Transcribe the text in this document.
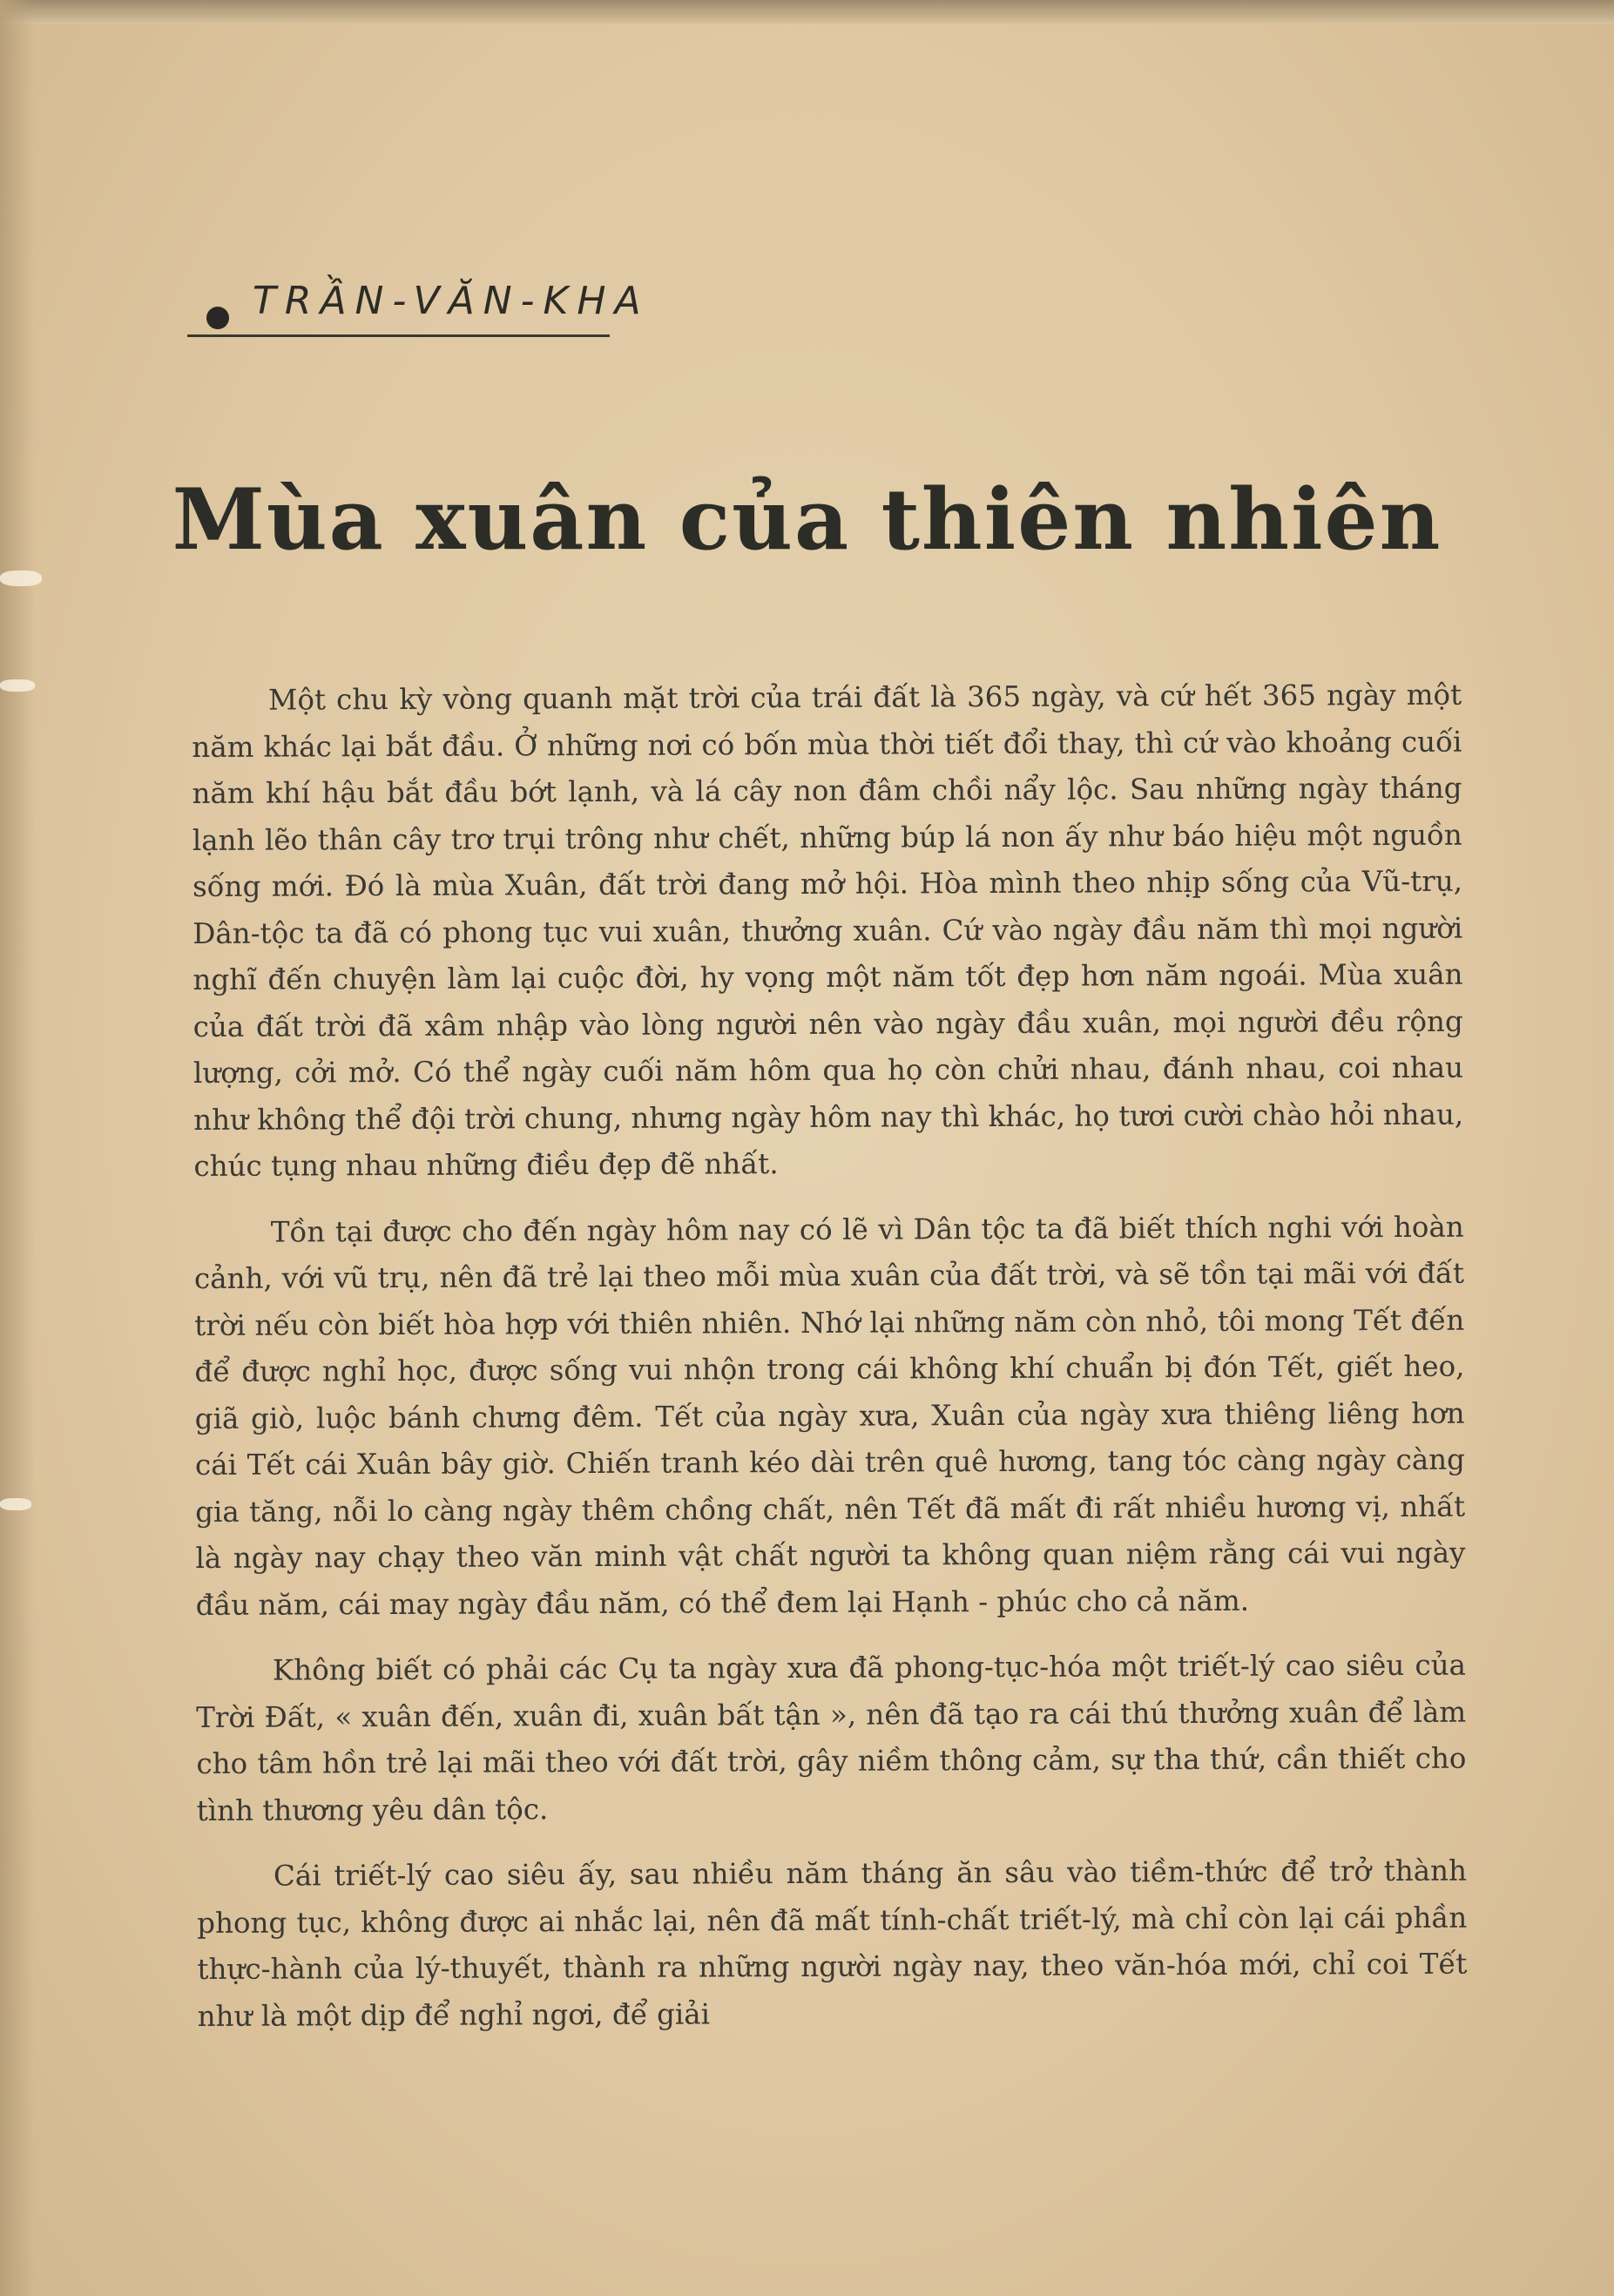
TRẦN-VĂN-KHA
Mùa xuân của thiên nhiên

Một chu kỳ vòng quanh mặt trời của trái đất là 365 ngày, và cứ hết 365 ngày một năm khác lại bắt đầu. Ở những nơi có bốn mùa thời tiết đổi thay, thì cứ vào khoảng cuối năm khí hậu bắt đầu bớt lạnh, và lá cây non đâm chồi nẩy lộc. Sau những ngày tháng lạnh lẽo thân cây trơ trụi trông như chết, những búp lá non ấy như báo hiệu một nguồn sống mới. Đó là mùa Xuân, đất trời đang mở hội. Hòa mình theo nhịp sống của Vũ-trụ, Dân-tộc ta đã có phong tục vui xuân, thưởng xuân. Cứ vào ngày đầu năm thì mọi người nghĩ đến chuyện làm lại cuộc đời, hy vọng một năm tốt đẹp hơn năm ngoái. Mùa xuân của đất trời đã xâm nhập vào lòng người nên vào ngày đầu xuân, mọi người đều rộng lượng, cởi mở. Có thể ngày cuối năm hôm qua họ còn chửi nhau, đánh nhau, coi nhau như không thể đội trời chung, nhưng ngày hôm nay thì khác, họ tươi cười chào hỏi nhau, chúc tụng nhau những điều đẹp đẽ nhất.

Tồn tại được cho đến ngày hôm nay có lẽ vì Dân tộc ta đã biết thích nghi với hoàn cảnh, với vũ trụ, nên đã trẻ lại theo mỗi mùa xuân của đất trời, và sẽ tồn tại mãi với đất trời nếu còn biết hòa hợp với thiên nhiên. Nhớ lại những năm còn nhỏ, tôi mong Tết đến để được nghỉ học, được sống vui nhộn trong cái không khí chuẩn bị đón Tết, giết heo, giã giò, luộc bánh chưng đêm. Tết của ngày xưa, Xuân của ngày xưa thiêng liêng hơn cái Tết cái Xuân bây giờ. Chiến tranh kéo dài trên quê hương, tang tóc càng ngày càng gia tăng, nỗi lo càng ngày thêm chồng chất, nên Tết đã mất đi rất nhiều hương vị, nhất là ngày nay chạy theo văn minh vật chất người ta không quan niệm rằng cái vui ngày đầu năm, cái may ngày đầu năm, có thể đem lại Hạnh - phúc cho cả năm.

Không biết có phải các Cụ ta ngày xưa đã phong-tục-hóa một triết-lý cao siêu của Trời Đất, « xuân đến, xuân đi, xuân bất tận », nên đã tạo ra cái thú thưởng xuân để làm cho tâm hồn trẻ lại mãi theo với đất trời, gây niềm thông cảm, sự tha thứ, cần thiết cho tình thương yêu dân tộc.

Cái triết-lý cao siêu ấy, sau nhiều năm tháng ăn sâu vào tiềm-thức để trở thành phong tục, không được ai nhắc lại, nên đã mất tính-chất triết-lý, mà chỉ còn lại cái phần thực-hành của lý-thuyết, thành ra những người ngày nay, theo văn-hóa mới, chỉ coi Tết như là một dịp để nghỉ ngơi, để giải
